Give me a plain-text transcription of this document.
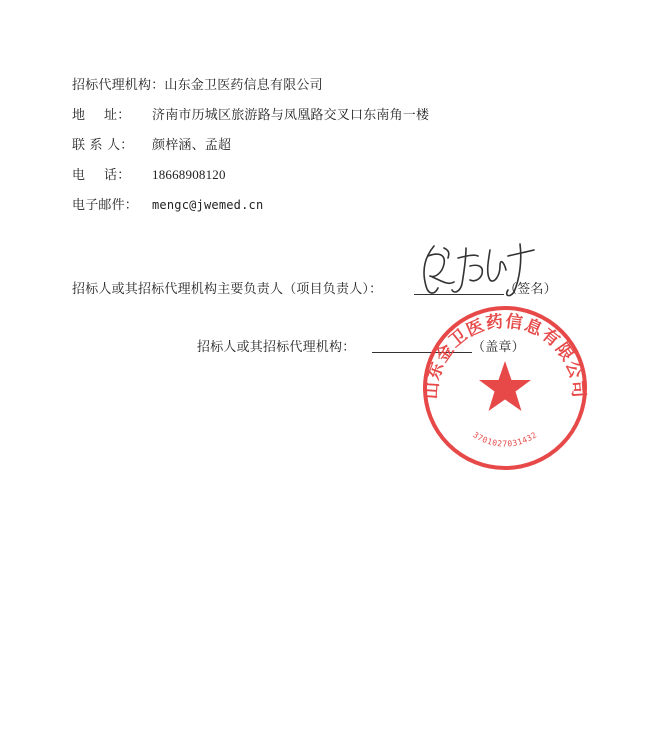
招标代理机构：山东金卫医药信息有限公司
地 址： 济南市历城区旅游路与凤凰路交叉口东南角一楼
联 系 人： 颜梓涵、孟超
电 话： 18668908120
电子邮件： mengc@jwemed.cn
招标人或其招标代理机构主要负责人（项目负责人）：	（签名）
招标人或其招标代理机构：	（盖章）
山东金卫医药信息有限公司
3701027031432
